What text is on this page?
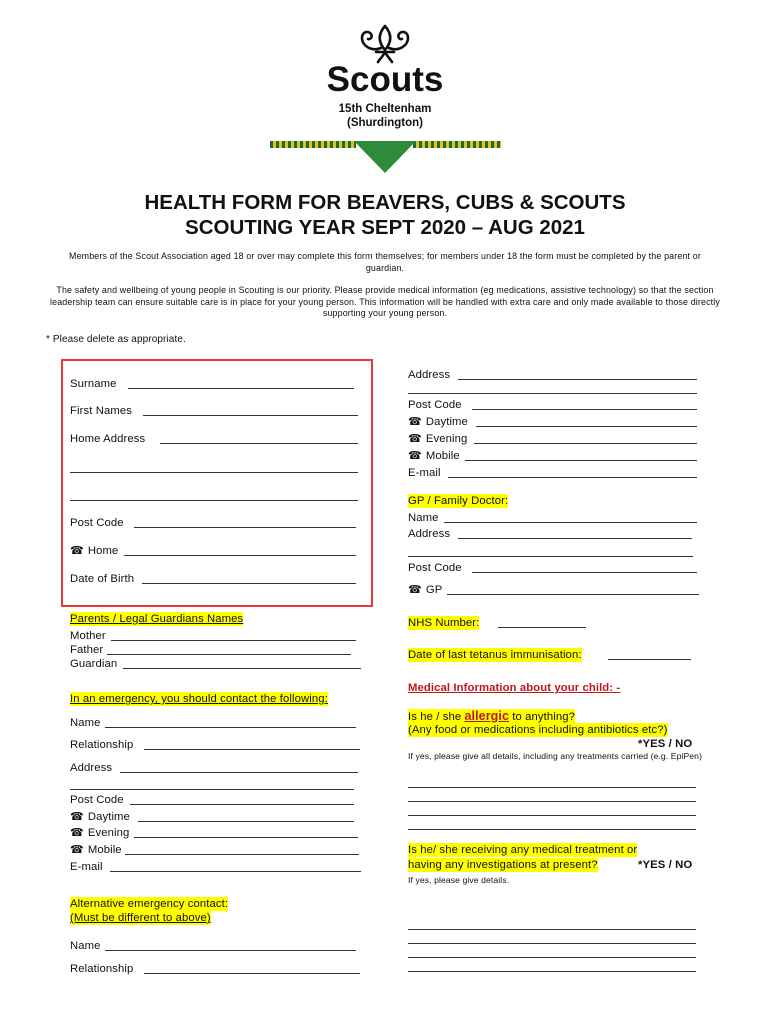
Scouts
15th Cheltenham
(Shurdington)
HEALTH FORM FOR BEAVERS, CUBS & SCOUTS
SCOUTING YEAR SEPT 2020 – AUG 2021
Members of the Scout Association aged 18 or over may complete this form themselves; for members under 18 the form must be completed by the parent or guardian.
The safety and wellbeing of young people in Scouting is our priority. Please provide medical information (eg medications, assistive technology) so that the section leadership team can ensure suitable care is in place for your young person. This information will be handled with extra care and only made available to those directly supporting your young person.
* Please delete as appropriate.
Surname
First Names
Home Address
Post Code
☎ Home
Date of Birth
Address
Post Code
☎ Daytime
☎ Evening
☎ Mobile
E-mail
GP / Family Doctor:
Name
Address
Post Code
☎ GP
Parents / Legal Guardians Names
Mother
Father
Guardian
NHS Number:
Date of last tetanus immunisation:
Medical Information about your child: -
Is he / she allergic to anything?
(Any food or medications including antibiotics etc?)
*YES / NO
If yes, please give all details, including any treatments carried (e.g. EpiPen)
Is he/ she receiving any medical treatment or
having any investigations at present?	*YES / NO
If yes, please give details.
In an emergency, you should contact the following:
Name
Relationship
Address
Post Code
☎ Daytime
☎ Evening
☎ Mobile
E-mail
Alternative emergency contact:
(Must be different to above)
Name
Relationship
